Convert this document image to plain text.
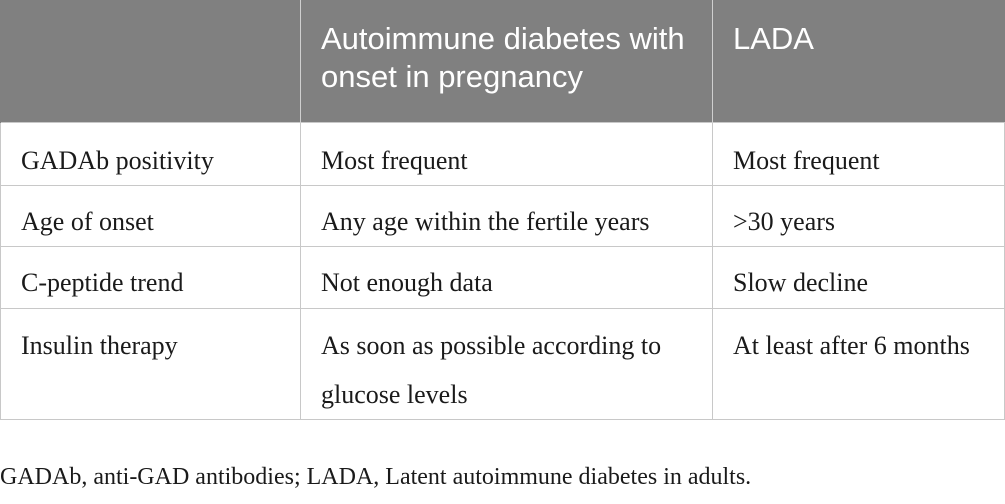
	Autoimmune diabetes with onset in pregnancy	LADA
GADAb positivity	Most frequent	Most frequent
Age of onset	Any age within the fertile years	>30 years
C-peptide trend	Not enough data	Slow decline
Insulin therapy	As soon as possible according to glucose levels	At least after 6 months
GADAb, anti-GAD antibodies; LADA, Latent autoimmune diabetes in adults.
